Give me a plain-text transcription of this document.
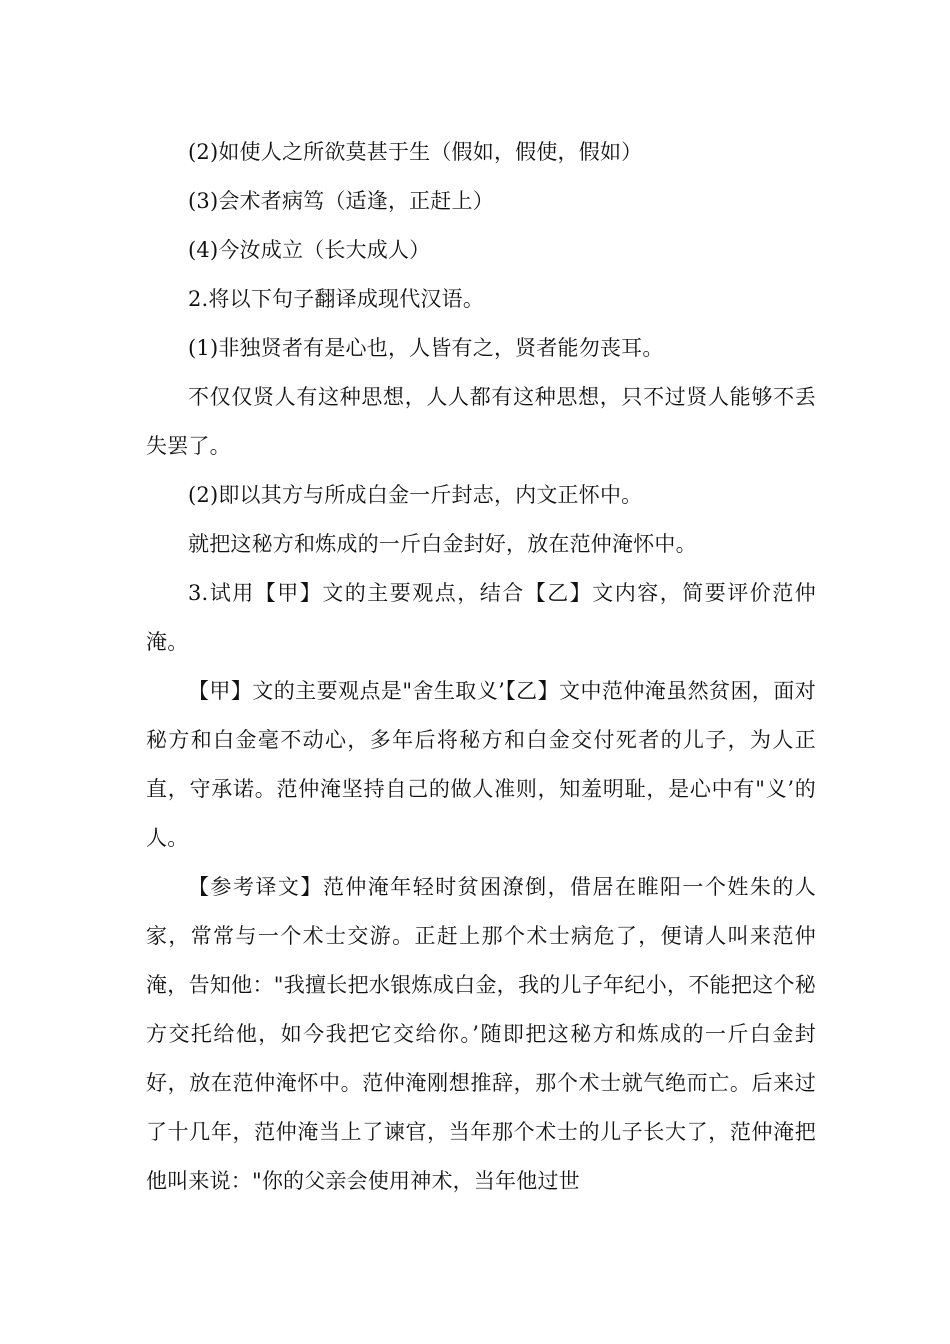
(2)如使人之所欲莫甚于生（假如，假使，假如）

(3)会术者病笃（适逢，正赶上）

(4)今汝成立（长大成人）

2.将以下句子翻译成现代汉语。

(1)非独贤者有是心也，人皆有之，贤者能勿丧耳。

不仅仅贤人有这种思想，人人都有这种思想，只不过贤人能够不丢失罢了。

(2)即以其方与所成白金一斤封志，内文正怀中。

就把这秘方和炼成的一斤白金封好，放在范仲淹怀中。

3.试用【甲】文的主要观点，结合【乙】文内容，简要评价范仲淹。

【甲】文的主要观点是"舍生取义’【乙】文中范仲淹虽然贫困，面对秘方和白金毫不动心，多年后将秘方和白金交付死者的儿子，为人正直，守承诺。范仲淹坚持自己的做人准则，知羞明耻，是心中有"义’的人。

【参考译文】范仲淹年轻时贫困潦倒，借居在睢阳一个姓朱的人家，常常与一个术士交游。正赶上那个术士病危了，便请人叫来范仲淹，告知他："我擅长把水银炼成白金，我的儿子年纪小，不能把这个秘方交托给他，如今我把它交给你。’随即把这秘方和炼成的一斤白金封好，放在范仲淹怀中。范仲淹刚想推辞，那个术士就气绝而亡。后来过了十几年，范仲淹当上了谏官，当年那个术士的儿子长大了，范仲淹把他叫来说："你的父亲会使用神术，当年他过世
